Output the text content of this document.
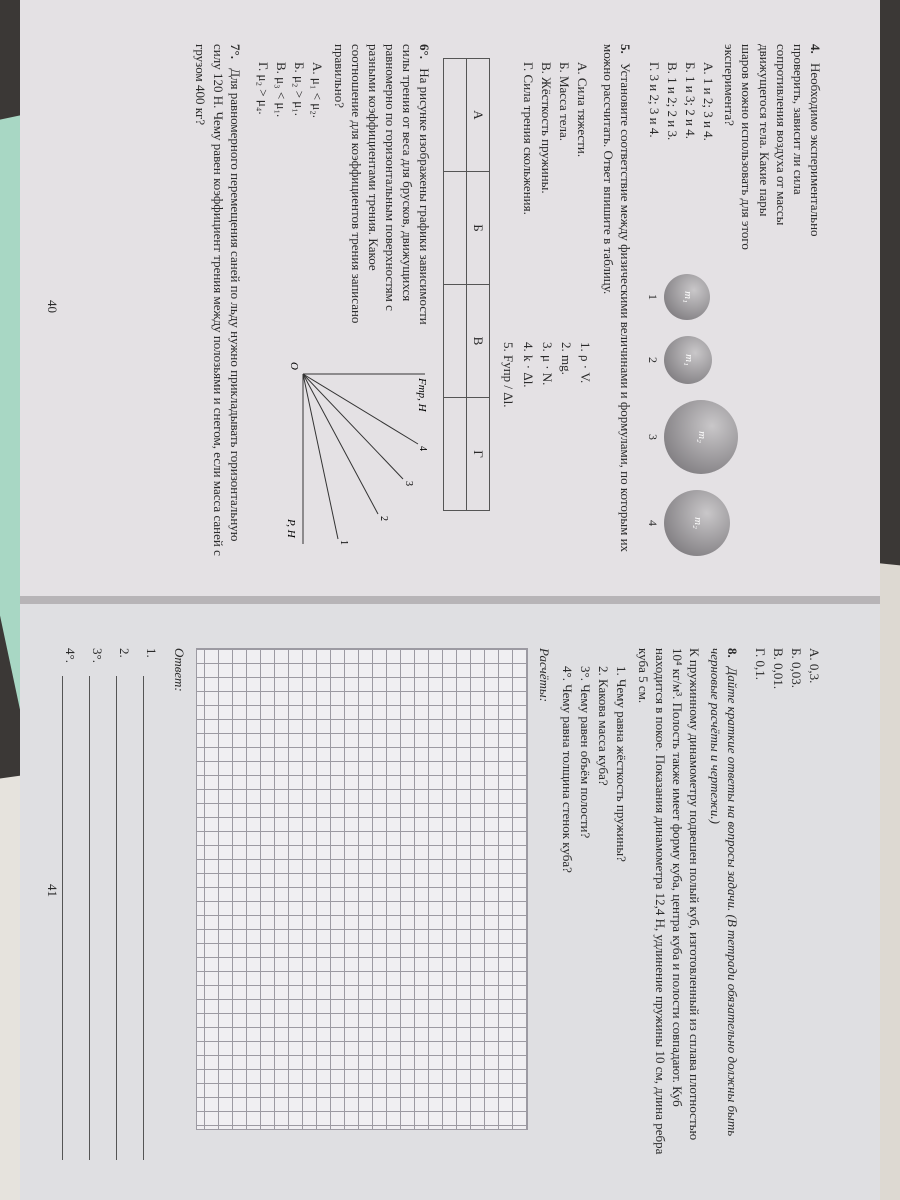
4. Необходимо экспериментально проверить, зависит ли сила сопротивления воздуха от массы движущегося тела. Какие пары шаров можно использовать для этого эксперимента?
А. 1 и 2; 3 и 4.
Б. 1 и 3; 2 и 4.
В. 1 и 2; 2 и 3.
Г. 3 и 2; 3 и 4.
m₁
1
m₁
2
m₂
3
m₂
4
5. Установите соответствие между физическими величинами и формулами, по которым их можно рассчитать. Ответ впишите в таблицу.
А. Сила тяжести.
Б. Масса тела.
В. Жёсткость пружины.
Г. Сила трения скольжения.
1. ρ · V.
2. mg.
3. μ · N.
4. k · Δl.
5. Fупр / Δl.
А	Б	В	Г

6°. На рисунке изображены графики зависимости силы трения от веса для брусков, движущихся равномерно по горизонтальным поверхностям с разными коэффициентами трения. Какое соотношение для коэффициентов трения записано правильно?
А. μ₁ < μ₂.
Б. μ₂ > μ₁.
В. μ₃ < μ₁.
Г. μ₂ > μ₄.
Fтр, Н
P, Н
O
1
2
3
4
7°. Для равномерного перемещения саней по льду нужно прикладывать горизонтальную силу 120 Н. Чему равен коэффициент трения между полозьями и снегом, если масса саней с грузом 400 кг?
40
А. 0,3.
Б. 0,03.
В. 0,01.
Г. 0,1.
8. Дайте краткие ответы на вопросы задачи. (В тетради обязательно должны быть черновые расчёты и чертежи.)
К пружинному динамометру подвешен полый куб, изготовленный из сплава плотностью 10⁴ кг/м³. Полость также имеет форму куба, центра куба и полости совпадают. Куб находится в покое. Показания динамометра 12,4 Н, удлинение пружины 10 см, длина ребра куба 5 см.
1. Чему равна жёсткость пружины?
2. Какова масса куба?
3°. Чему равен объём полости?
4°. Чему равна толщина стенок куба?
Расчёты:
Ответ:
1.
2.
3°.
4°.
41
